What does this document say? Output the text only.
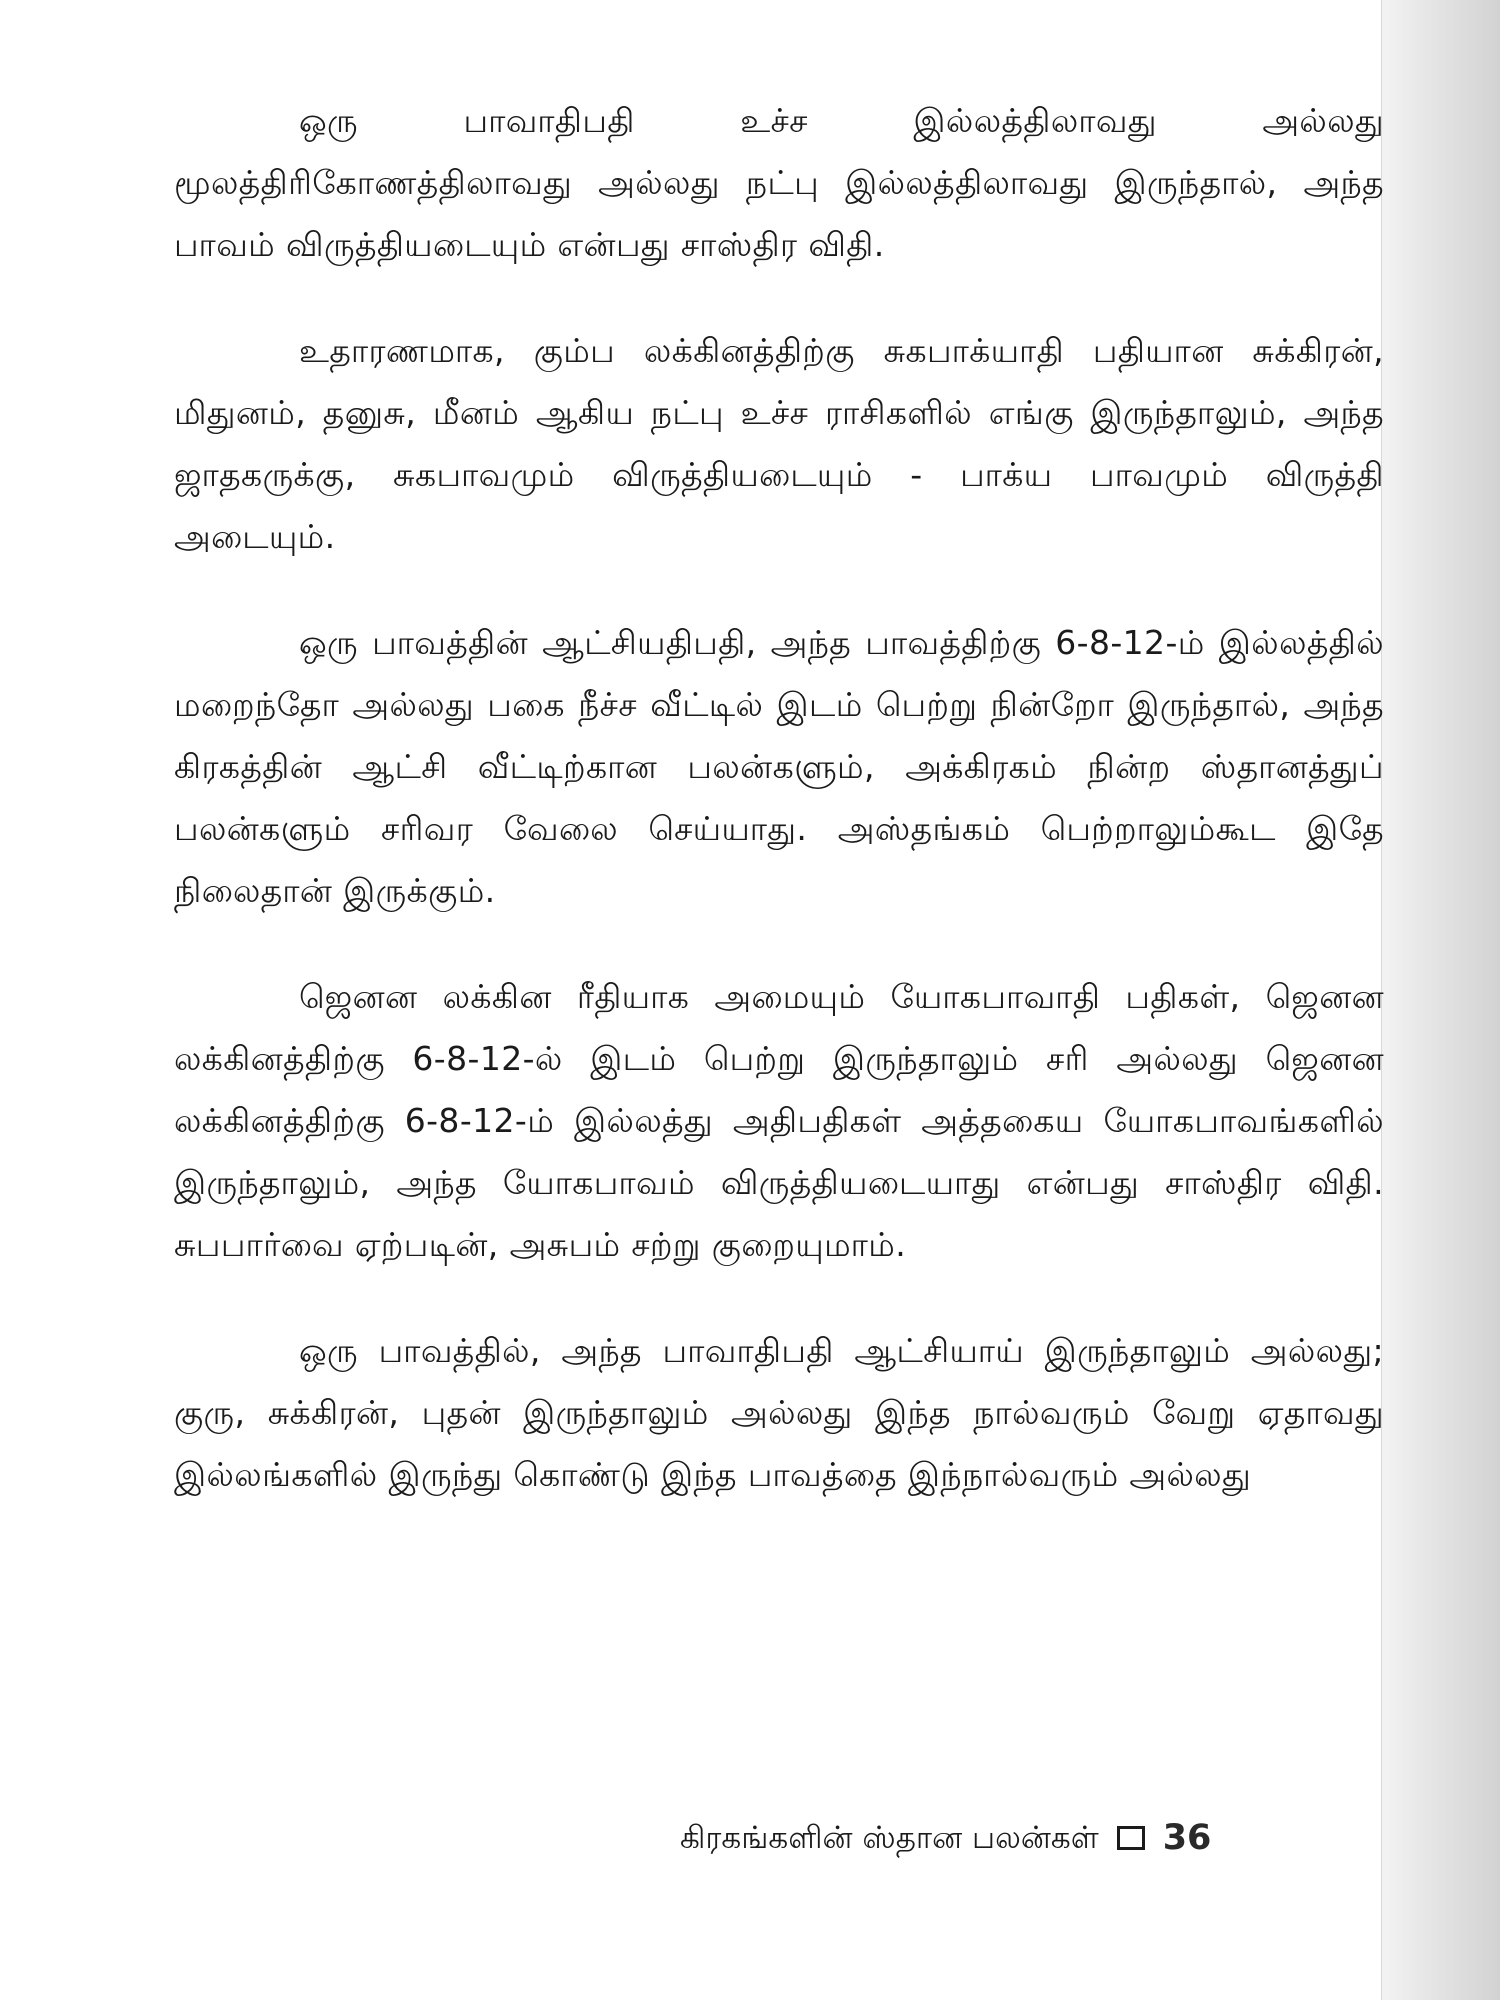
ஒரு பாவாதிபதி உச்ச இல்லத்திலாவது அல்லது மூலத்திரிகோணத்திலாவது அல்லது நட்பு இல்லத்திலாவது இருந்தால், அந்த பாவம் விருத்தியடையும் என்பது சாஸ்திர விதி.

உதாரணமாக, கும்ப லக்கினத்திற்கு சுகபாக்யாதி பதியான சுக்கிரன், மிதுனம், தனுசு, மீனம் ஆகிய நட்பு உச்ச ராசிகளில் எங்கு இருந்தாலும், அந்த ஜாதகருக்கு, சுகபாவமும் விருத்தியடையும் - பாக்ய பாவமும் விருத்தி அடையும்.

ஒரு பாவத்தின் ஆட்சியதிபதி, அந்த பாவத்திற்கு 6-8-12-ம் இல்லத்தில் மறைந்தோ அல்லது பகை நீச்ச வீட்டில் இடம் பெற்று நின்றோ இருந்தால், அந்த கிரகத்தின் ஆட்சி வீட்டிற்கான பலன்களும், அக்கிரகம் நின்ற ஸ்தானத்துப் பலன்களும் சரிவர வேலை செய்யாது. அஸ்தங்கம் பெற்றாலும்கூட இதே நிலைதான் இருக்கும்.

ஜெனன லக்கின ரீதியாக அமையும் யோகபாவாதி பதிகள், ஜெனன லக்கினத்திற்கு 6-8-12-ல் இடம் பெற்று இருந்தாலும் சரி அல்லது ஜெனன லக்கினத்திற்கு 6-8-12-ம் இல்லத்து அதிபதிகள் அத்தகைய யோகபாவங்களில் இருந்தாலும், அந்த யோகபாவம் விருத்தியடையாது என்பது சாஸ்திர விதி. சுபபார்வை ஏற்படின், அசுபம் சற்று குறையுமாம்.

ஒரு பாவத்தில், அந்த பாவாதிபதி ஆட்சியாய் இருந்தாலும் அல்லது; குரு, சுக்கிரன், புதன் இருந்தாலும் அல்லது இந்த நால்வரும் வேறு ஏதாவது இல்லங்களில் இருந்து கொண்டு இந்த பாவத்தை இந்நால்வரும் அல்லது

கிரகங்களின் ஸ்தான பலன்கள் 36
